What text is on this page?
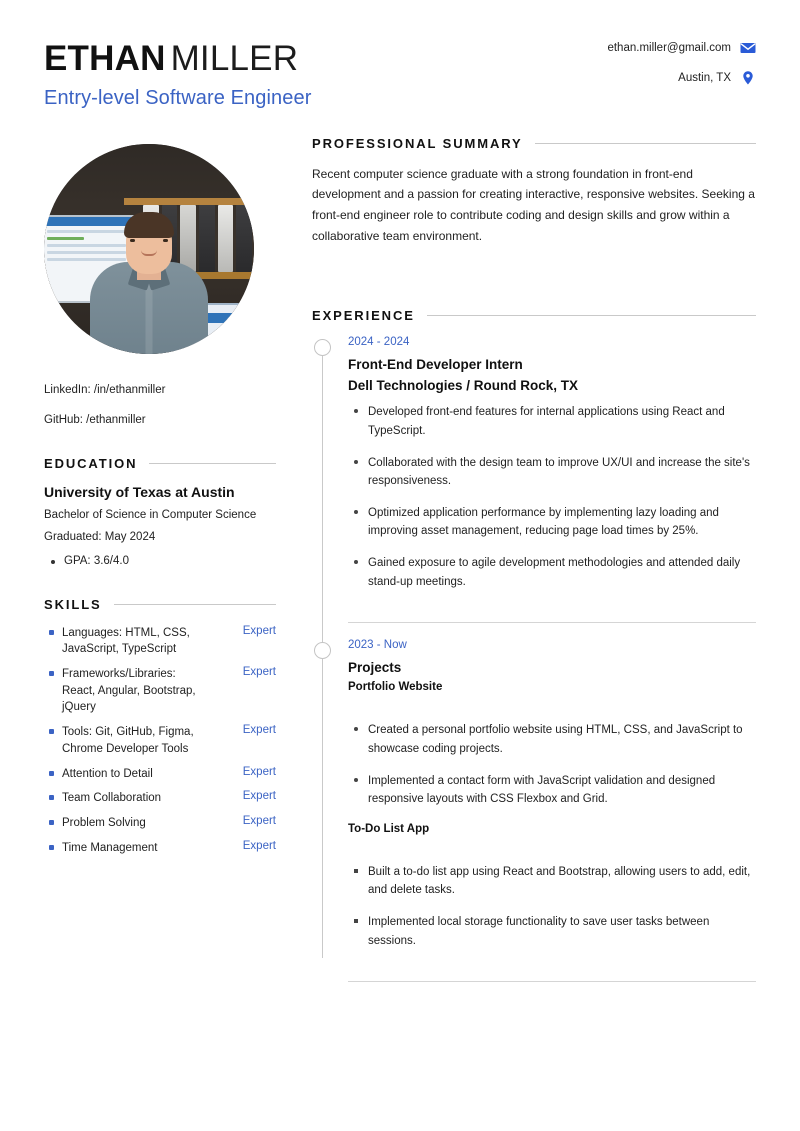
ETHAN MILLER
Entry-level Software Engineer
ethan.miller@gmail.com
Austin, TX
LinkedIn: /in/ethanmiller
GitHub: /ethanmiller
EDUCATION
University of Texas at Austin
Bachelor of Science in Computer Science
Graduated: May 2024
GPA: 3.6/4.0
SKILLS
Languages: HTML, CSS, JavaScript, TypeScript
Expert
Frameworks/Libraries: React, Angular, Bootstrap, jQuery
Expert
Tools: Git, GitHub, Figma, Chrome Developer Tools
Expert
Attention to Detail	Expert
Team Collaboration	Expert
Problem Solving	Expert
Time Management	Expert
PROFESSIONAL SUMMARY

Recent computer science graduate with a strong foundation in front-end development and a passion for creating interactive, responsive websites. Seeking a front-end engineer role to contribute coding and design skills and grow within a collaborative team environment.

EXPERIENCE
2024 - 2024
Front-End Developer Intern
Dell Technologies / Round Rock, TX
Developed front-end features for internal applications using React and TypeScript.
Collaborated with the design team to improve UX/UI and increase the site's responsiveness.
Optimized application performance by implementing lazy loading and improving asset management, reducing page load times by 25%.
Gained exposure to agile development methodologies and attended daily stand-up meetings.
2023 - Now
Projects
Portfolio Website
Created a personal portfolio website using HTML, CSS, and JavaScript to showcase coding projects.
Implemented a contact form with JavaScript validation and designed responsive layouts with CSS Flexbox and Grid.
To-Do List App
Built a to-do list app using React and Bootstrap, allowing users to add, edit, and delete tasks.
Implemented local storage functionality to save user tasks between sessions.
